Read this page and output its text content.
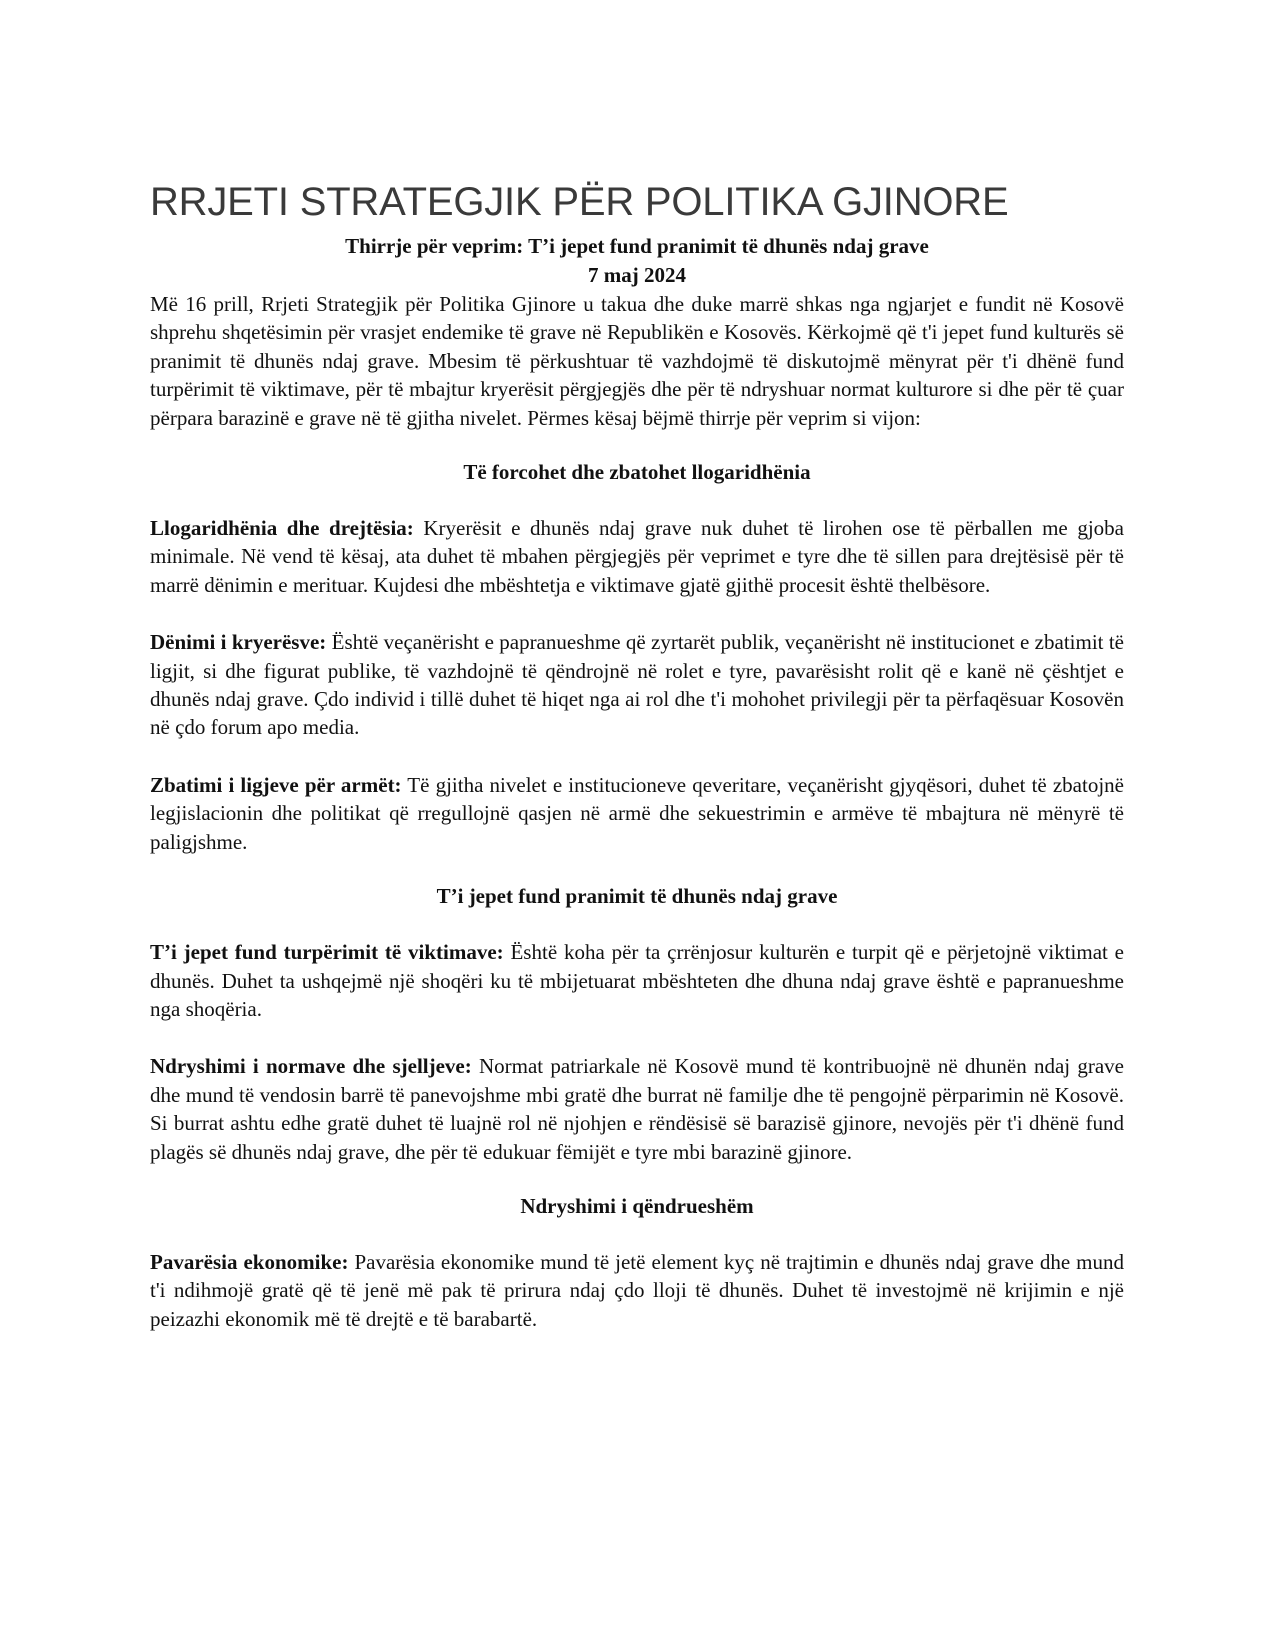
RRJETI STRATEGJIK PËR POLITIKA GJINORE

Thirrje për veprim: T’i jepet fund pranimit të dhunës ndaj grave

7 maj 2024

Më 16 prill, Rrjeti Strategjik për Politika Gjinore u takua dhe duke marrë shkas nga ngjarjet e fundit në Kosovë shprehu shqetësimin për vrasjet endemike të grave në Republikën e Kosovës. Kërkojmë që t'i jepet fund kulturës së pranimit të dhunës ndaj grave. Mbesim të përkushtuar të vazhdojmë të diskutojmë mënyrat për t'i dhënë fund turpërimit të viktimave, për të mbajtur kryerësit përgjegjës dhe për të ndryshuar normat kulturore si dhe për të çuar përpara barazinë e grave në të gjitha nivelet. Përmes kësaj bëjmë thirrje për veprim si vijon:

Të forcohet dhe zbatohet llogaridhënia

Llogaridhënia dhe drejtësia: Kryerësit e dhunës ndaj grave nuk duhet të lirohen ose të përballen me gjoba minimale. Në vend të kësaj, ata duhet të mbahen përgjegjës për veprimet e tyre dhe të sillen para drejtësisë për të marrë dënimin e merituar. Kujdesi dhe mbështetja e viktimave gjatë gjithë procesit është thelbësore.

Dënimi i kryerësve: Është veçanërisht e papranueshme që zyrtarët publik, veçanërisht në institucionet e zbatimit të ligjit, si dhe figurat publike, të vazhdojnë të qëndrojnë në rolet e tyre, pavarësisht rolit që e kanë në çështjet e dhunës ndaj grave. Çdo individ i tillë duhet të hiqet nga ai rol dhe t'i mohohet privilegji për ta përfaqësuar Kosovën në çdo forum apo media.

Zbatimi i ligjeve për armët: Të gjitha nivelet e institucioneve qeveritare, veçanërisht gjyqësori, duhet të zbatojnë legjislacionin dhe politikat që rregullojnë qasjen në armë dhe sekuestrimin e armëve të mbajtura në mënyrë të paligjshme.

T’i jepet fund pranimit të dhunës ndaj grave

T’i jepet fund turpërimit të viktimave: Është koha për ta çrrënjosur kulturën e turpit që e përjetojnë viktimat e dhunës. Duhet ta ushqejmë një shoqëri ku të mbijetuarat mbështeten dhe dhuna ndaj grave është e papranueshme nga shoqëria.

Ndryshimi i normave dhe sjelljeve: Normat patriarkale në Kosovë mund të kontribuojnë në dhunën ndaj grave dhe mund të vendosin barrë të panevojshme mbi gratë dhe burrat në familje dhe të pengojnë përparimin në Kosovë. Si burrat ashtu edhe gratë duhet të luajnë rol në njohjen e rëndësisë së barazisë gjinore, nevojës për t'i dhënë fund plagës së dhunës ndaj grave, dhe për të edukuar fëmijët e tyre mbi barazinë gjinore.

Ndryshimi i qëndrueshëm

Pavarësia ekonomike: Pavarësia ekonomike mund të jetë element kyç në trajtimin e dhunës ndaj grave dhe mund t'i ndihmojë gratë që të jenë më pak të prirura ndaj çdo lloji të dhunës. Duhet të investojmë në krijimin e një peizazhi ekonomik më të drejtë e të barabartë.
